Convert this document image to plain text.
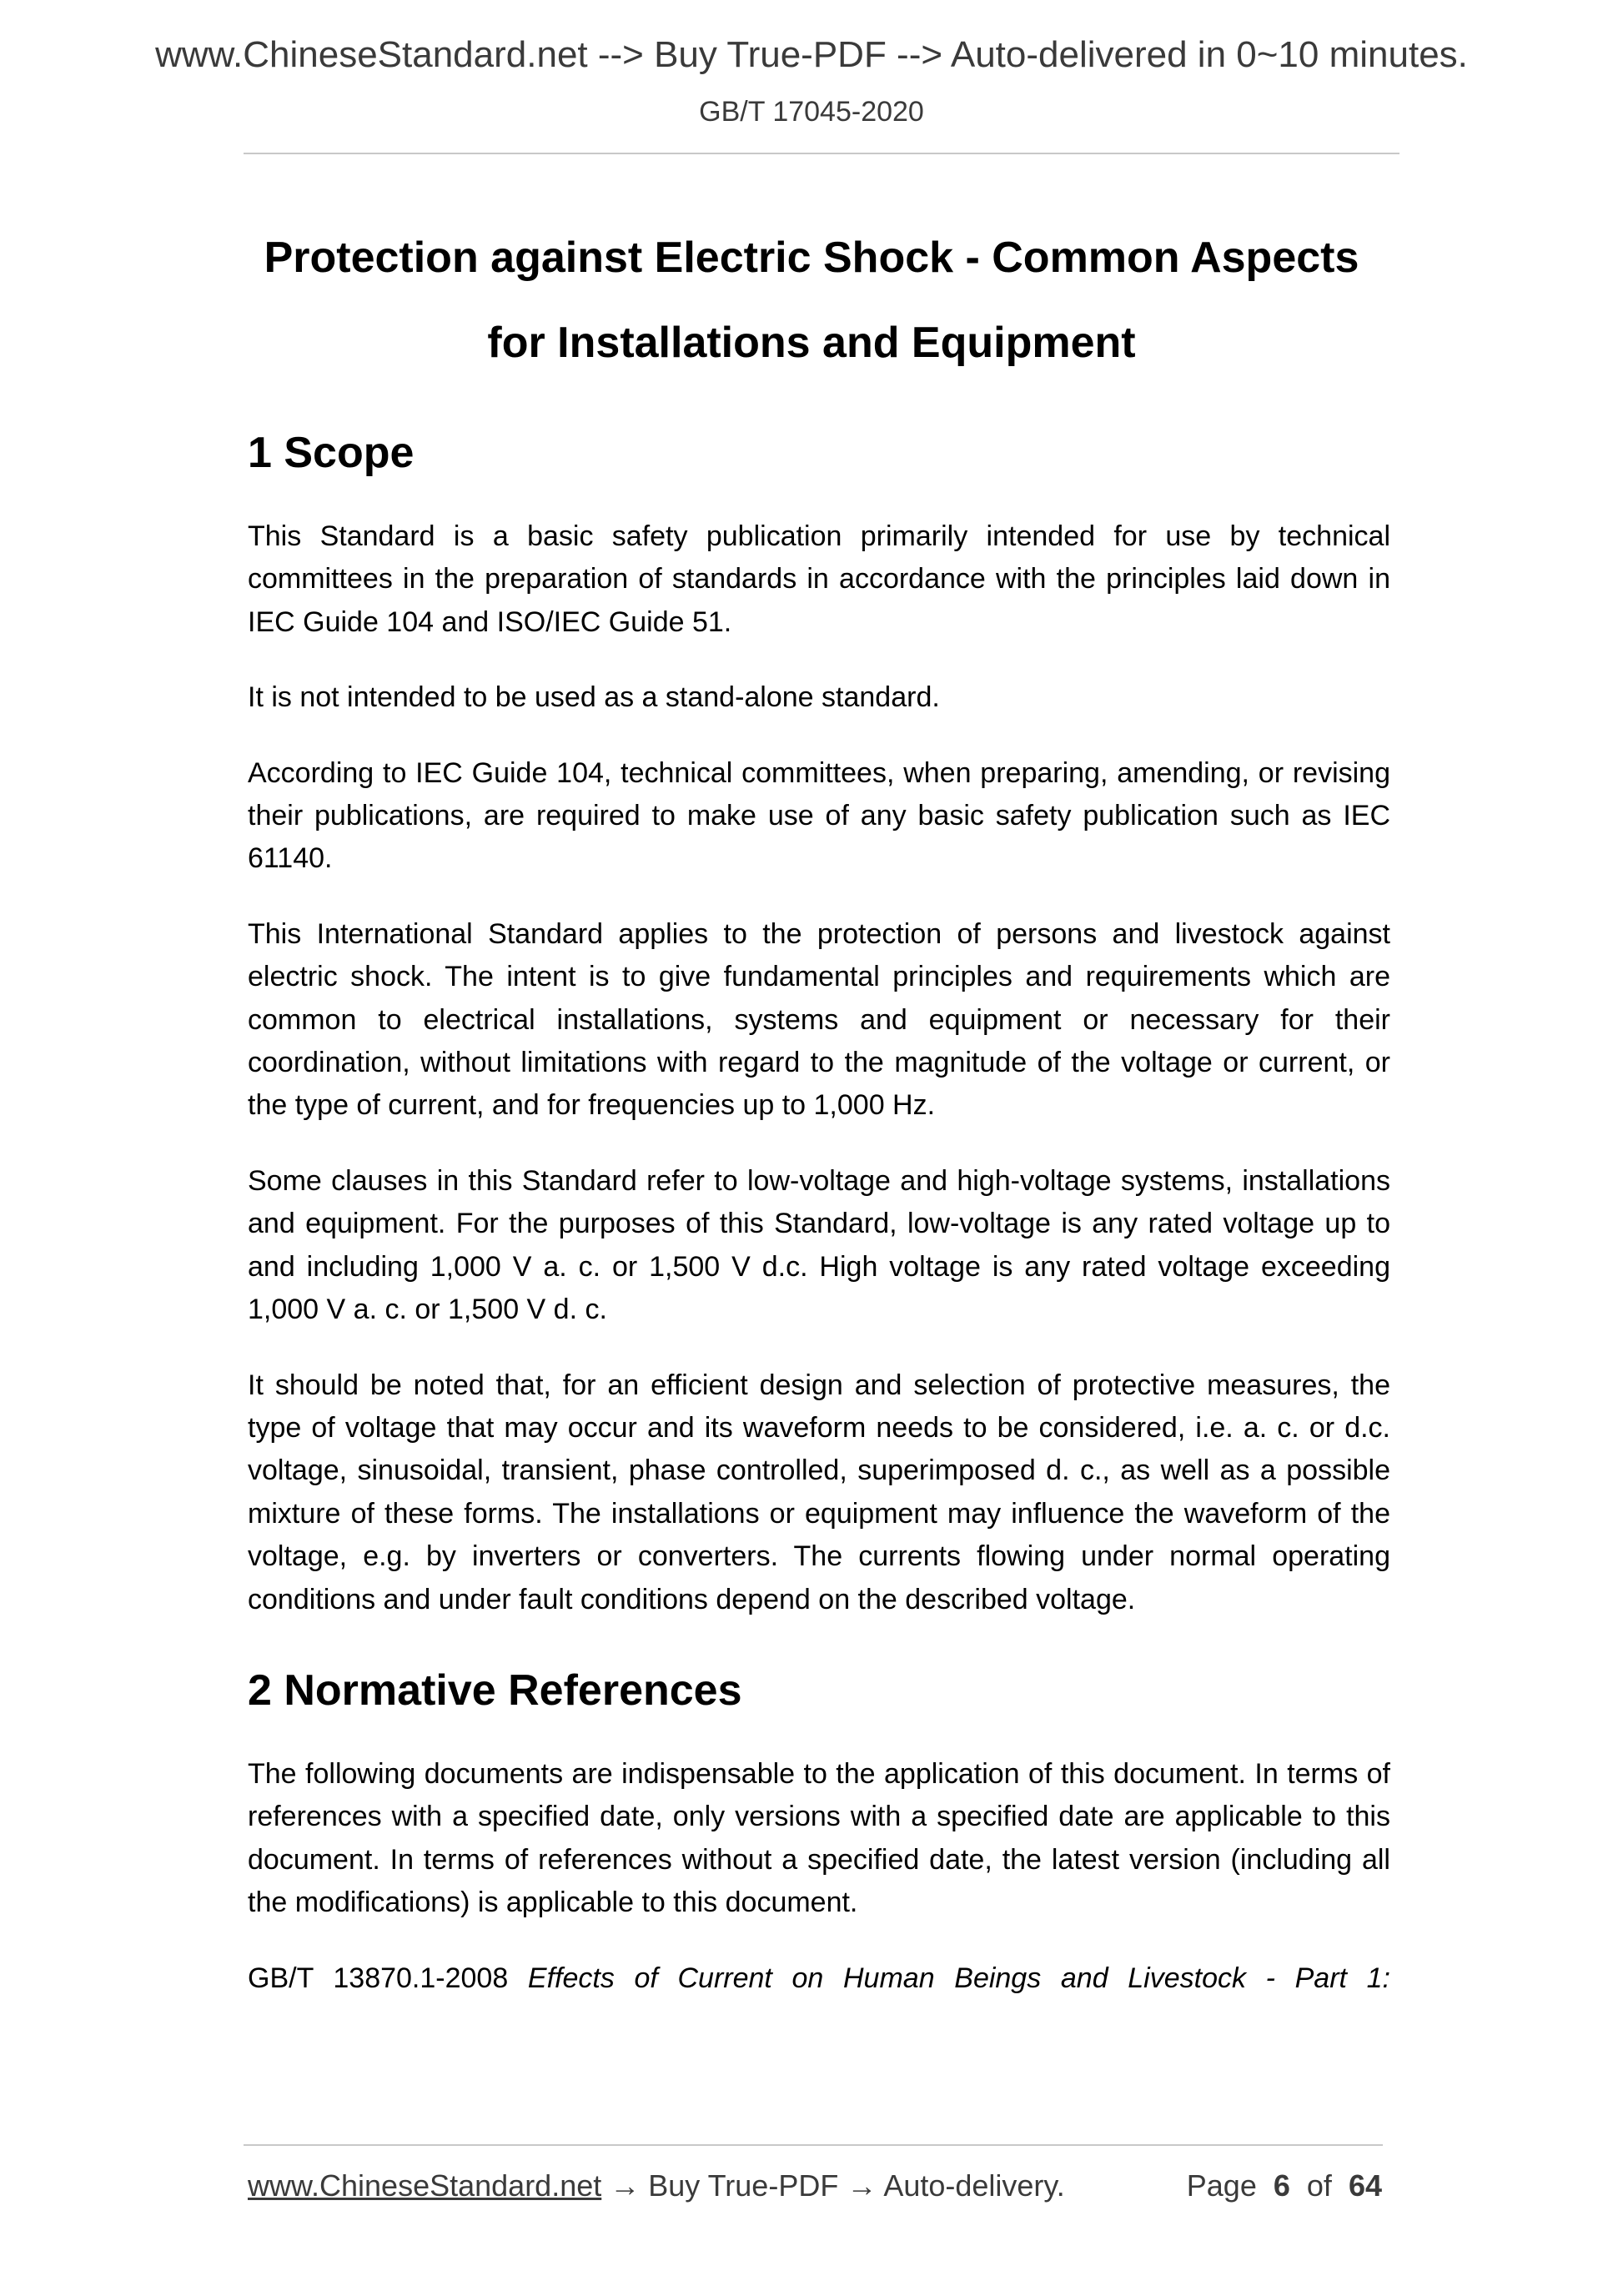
www.ChineseStandard.net --> Buy True-PDF --> Auto-delivered in 0~10 minutes.
GB/T 17045-2020
Protection against Electric Shock - Common Aspects
for Installations and Equipment
1 Scope

This Standard is a basic safety publication primarily intended for use by technical committees in the preparation of standards in accordance with the principles laid down in IEC Guide 104 and ISO/IEC Guide 51.

It is not intended to be used as a stand-alone standard.

According to IEC Guide 104, technical committees, when preparing, amending, or revising their publications, are required to make use of any basic safety publication such as IEC 61140.

This International Standard applies to the protection of persons and livestock against electric shock. The intent is to give fundamental principles and requirements which are common to electrical installations, systems and equipment or necessary for their coordination, without limitations with regard to the magnitude of the voltage or current, or the type of current, and for frequencies up to 1,000 Hz.

Some clauses in this Standard refer to low-voltage and high-voltage systems, installations and equipment. For the purposes of this Standard, low-voltage is any rated voltage up to and including 1,000 V a. c. or 1,500 V d.c. High voltage is any rated voltage exceeding 1,000 V a. c. or 1,500 V d. c.

It should be noted that, for an efficient design and selection of protective measures, the type of voltage that may occur and its waveform needs to be considered, i.e. a. c. or d.c. voltage, sinusoidal, transient, phase controlled, superimposed d. c., as well as a possible mixture of these forms. The installations or equipment may influence the waveform of the voltage, e.g. by inverters or converters. The currents flowing under normal operating conditions and under fault conditions depend on the described voltage.

2 Normative References

The following documents are indispensable to the application of this document. In terms of references with a specified date, only versions with a specified date are applicable to this document. In terms of references without a specified date, the latest version (including all the modifications) is applicable to this document.

GB/T 13870.1-2008 Effects of Current on Human Beings and Livestock - Part 1:

www.ChineseStandard.net → Buy True-PDF → Auto-delivery.	Page 6 of 64
